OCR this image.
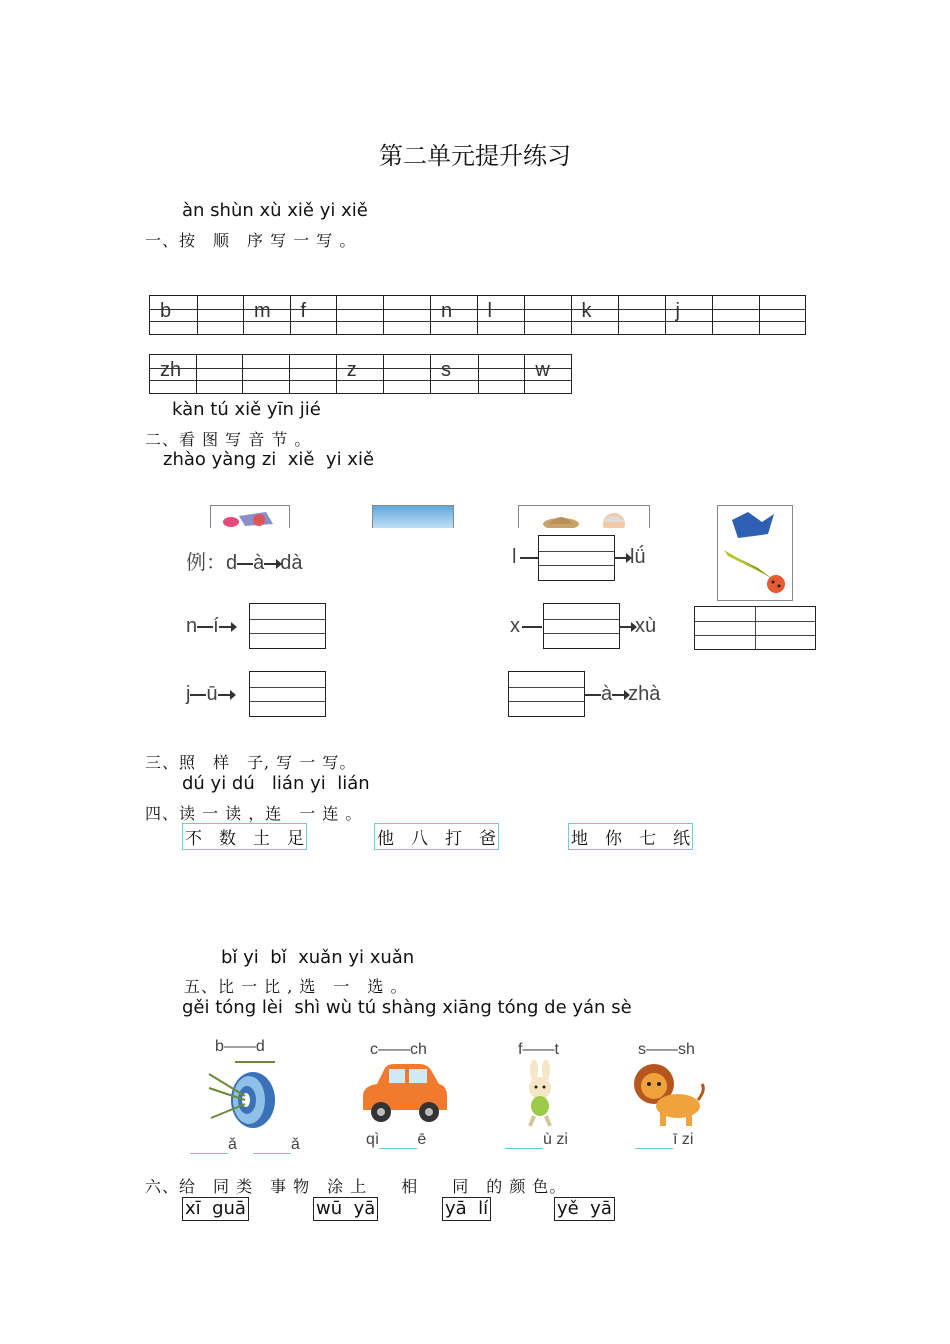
第二单元提升练习
àn shùn xù xiě yi xiě
一、按　顺　序 写 一 写 。
b	m f	n l	k	j
zh	z	s	w
kàn tú xiě yīn jié
二、看 图 写 音 节 。
zhào yàng zi  xiě  yi xiě
例：d à dà	l	lǘ
n í	x	xù
j ū	à zhà
三、照　样　子, 写 一 写。
dú yi dú   lián yi  lián
四、读 一 读 ，连　一 连 。
不　数　土　足	他　八　打　爸	地　你　七　纸
bǐ yi  bǐ  xuǎn yi xuǎn
五、比 一 比 , 选　一　选 。
gěi tóng lèi  shì wù tú shàng xiāng tóng de yán sè
b——d
ǎ　	ǎ
c——ch
qì ē
f——t
ù zi
s——sh
ī zi
六、给　同 类　事 物　涂 上　　相　　同　的 颜 色。
xī  guā	wū  yā	yā  lí	yě  yā
